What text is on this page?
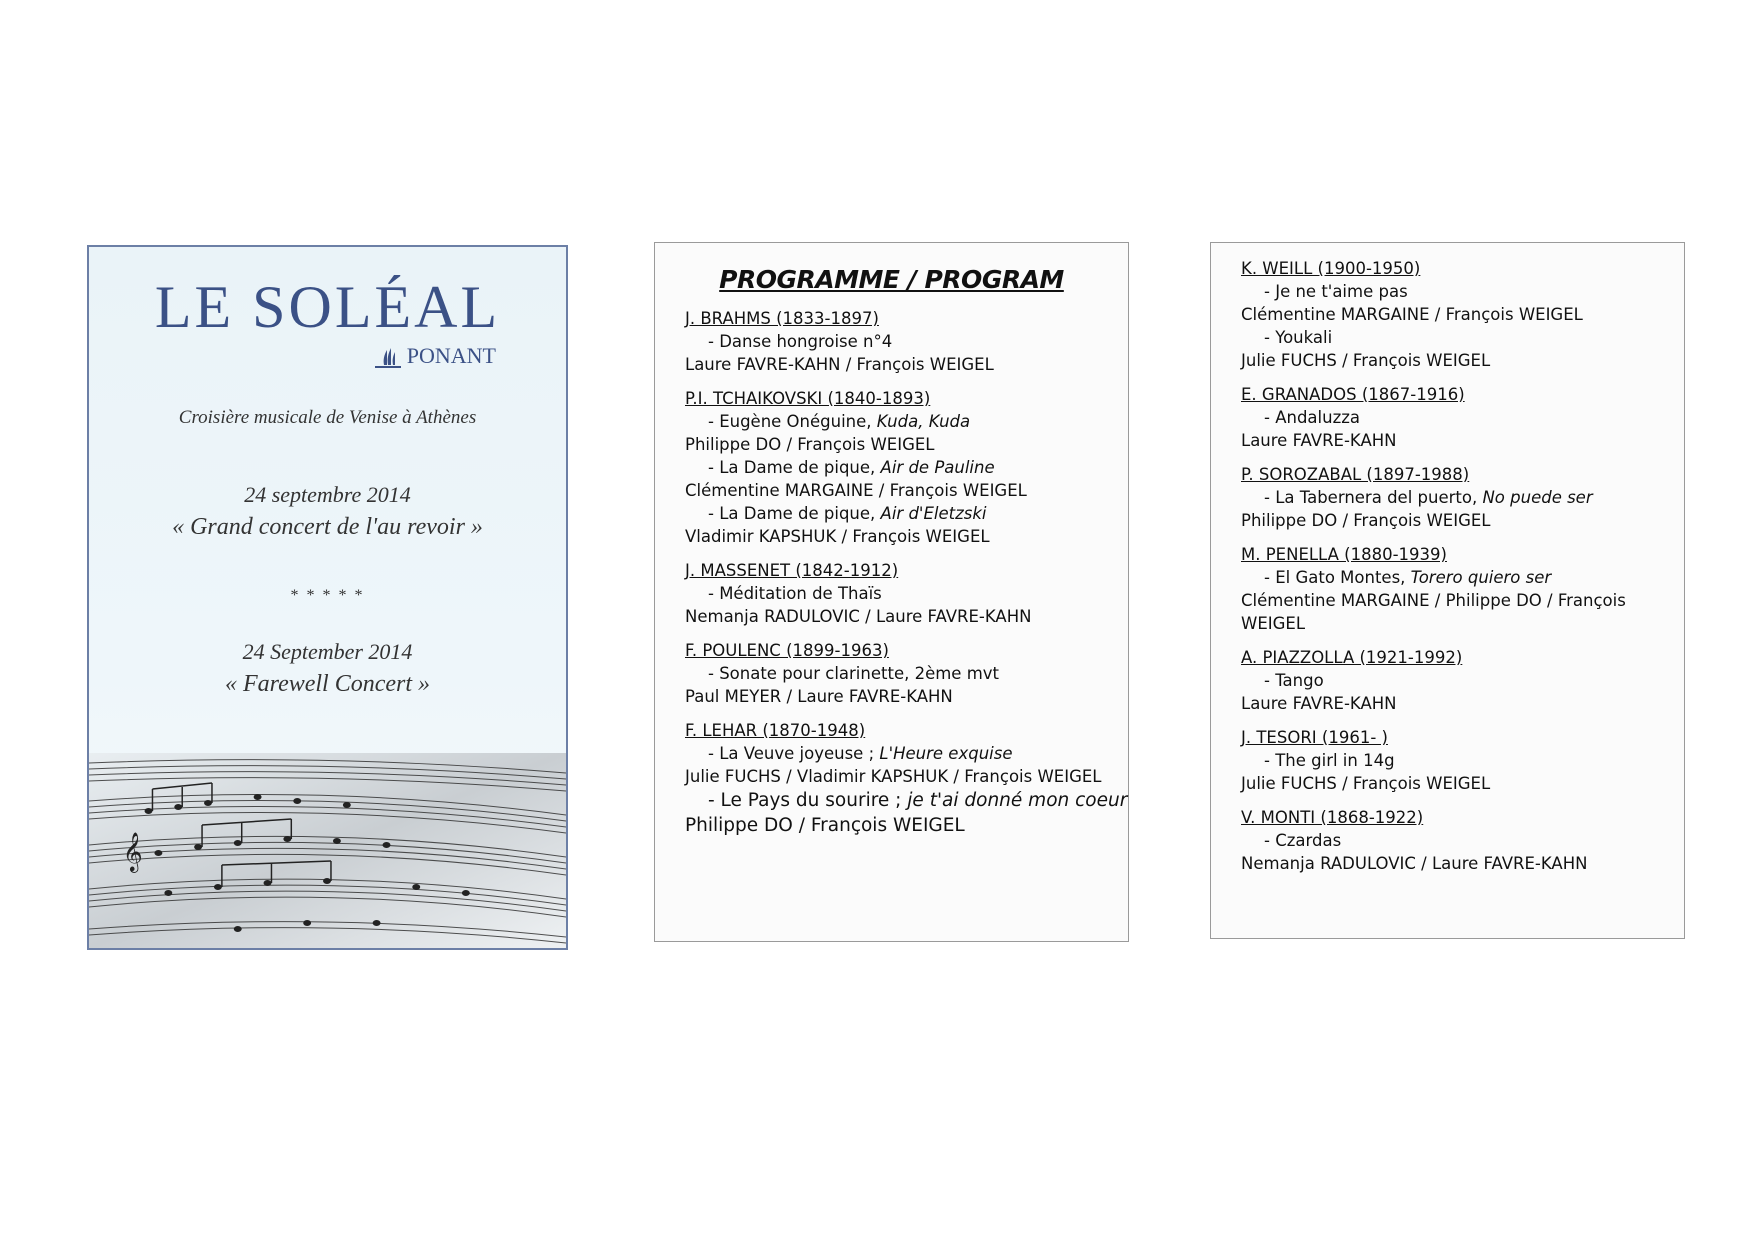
LE SOLÉAL
PONANT
Croisière musicale de Venise à Athènes
24 septembre 2014
« Grand concert de l'au revoir »
* * * * *
24 September 2014
« Farewell Concert »
𝄞
PROGRAMME / PROGRAM
J. BRAHMS (1833-1897)
- Danse hongroise n°4
Laure FAVRE-KAHN / François WEIGEL
P.I. TCHAIKOVSKI (1840-1893)
- Eugène Onéguine, Kuda, Kuda
Philippe DO / François WEIGEL
- La Dame de pique, Air de Pauline
Clémentine MARGAINE / François WEIGEL
- La Dame de pique, Air d'Eletzski
Vladimir KAPSHUK / François WEIGEL
J. MASSENET (1842-1912)
- Méditation de Thaïs
Nemanja RADULOVIC / Laure FAVRE-KAHN
F. POULENC (1899-1963)
- Sonate pour clarinette, 2ème mvt
Paul MEYER / Laure FAVRE-KAHN
F. LEHAR (1870-1948)
- La Veuve joyeuse ; L'Heure exquise
Julie FUCHS / Vladimir KAPSHUK / François WEIGEL
- Le Pays du sourire ; je t'ai donné mon coeur
Philippe DO / François WEIGEL
K. WEILL (1900-1950)
- Je ne t'aime pas
Clémentine MARGAINE / François WEIGEL
- Youkali
Julie FUCHS / François WEIGEL
E. GRANADOS (1867-1916)
- Andaluzza
Laure FAVRE-KAHN
P. SOROZABAL (1897-1988)
- La Tabernera del puerto, No puede ser
Philippe DO / François WEIGEL
M. PENELLA (1880-1939)
- El Gato Montes, Torero quiero ser
Clémentine MARGAINE / Philippe DO / François WEIGEL
A. PIAZZOLLA (1921-1992)
- Tango
Laure FAVRE-KAHN
J. TESORI (1961- )
- The girl in 14g
Julie FUCHS / François WEIGEL
V. MONTI (1868-1922)
- Czardas
Nemanja RADULOVIC / Laure FAVRE-KAHN
